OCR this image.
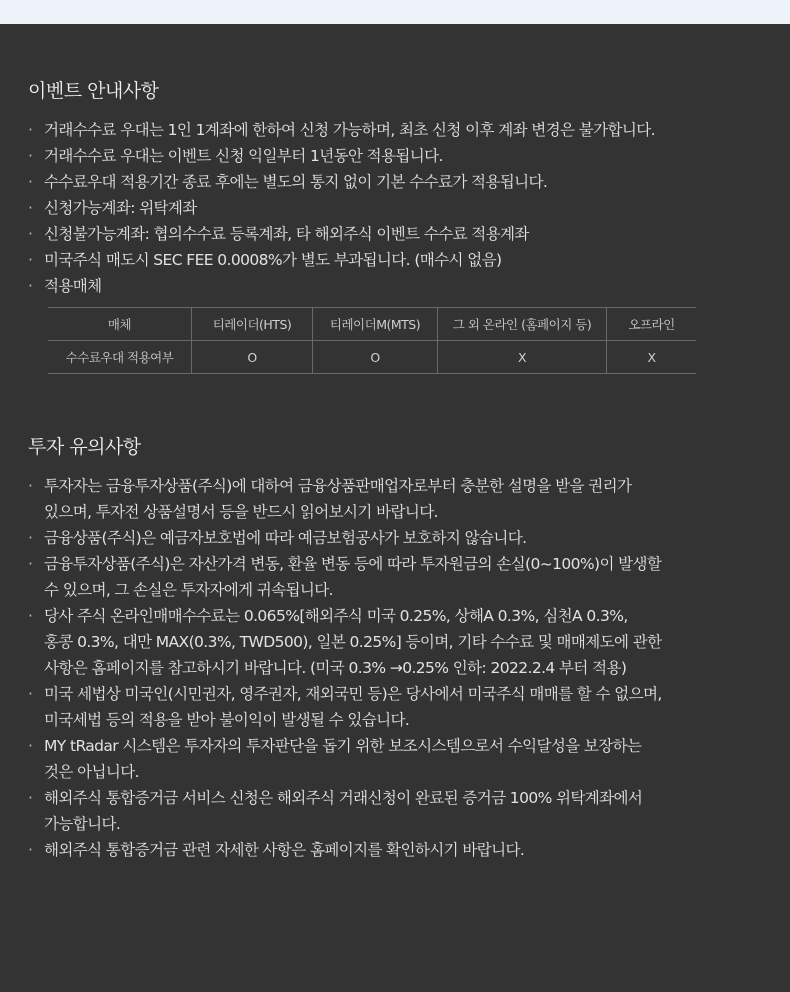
이벤트 안내사항
· 거래수수료 우대는 1인 1계좌에 한하여 신청 가능하며, 최초 신청 이후 계좌 변경은 불가합니다.
· 거래수수료 우대는 이벤트 신청 익일부터 1년동안 적용됩니다.
· 수수료우대 적용기간 종료 후에는 별도의 통지 없이 기본 수수료가 적용됩니다.
· 신청가능계좌: 위탁계좌
· 신청불가능계좌: 협의수수료 등록계좌, 타 해외주식 이벤트 수수료 적용계좌
· 미국주식 매도시 SEC FEE 0.0008%가 별도 부과됩니다. (매수시 없음)
· 적용매체
매체	티레이더(HTS)	티레이더M(MTS)	그 외 온라인 (홈페이지 등)	오프라인
수수료우대 적용여부	O	O	X	X
투자 유의사항
· 투자자는 금융투자상품(주식)에 대하여 금융상품판매업자로부터 충분한 설명을 받을 권리가
있으며, 투자전 상품설명서 등을 반드시 읽어보시기 바랍니다.
· 금융상품(주식)은 예금자보호법에 따라 예금보험공사가 보호하지 않습니다.
· 금융투자상품(주식)은 자산가격 변동, 환율 변동 등에 따라 투자원금의 손실(0~100%)이 발생할
수 있으며, 그 손실은 투자자에게 귀속됩니다.
· 당사 주식 온라인매매수수료는 0.065%[해외주식 미국 0.25%, 상해A 0.3%, 심천A 0.3%,
홍콩 0.3%, 대만 MAX(0.3%, TWD500), 일본 0.25%] 등이며, 기타 수수료 및 매매제도에 관한
사항은 홈페이지를 참고하시기 바랍니다. (미국 0.3% →0.25% 인하: 2022.2.4 부터 적용)
· 미국 세법상 미국인(시민권자, 영주권자, 재외국민 등)은 당사에서 미국주식 매매를 할 수 없으며,
미국세법 등의 적용을 받아 불이익이 발생될 수 있습니다.
· MY tRadar 시스템은 투자자의 투자판단을 돕기 위한 보조시스템으로서 수익달성을 보장하는
것은 아닙니다.
· 해외주식 통합증거금 서비스 신청은 해외주식 거래신청이 완료된 증거금 100% 위탁계좌에서
가능합니다.
· 해외주식 통합증거금 관련 자세한 사항은 홈페이지를 확인하시기 바랍니다.
